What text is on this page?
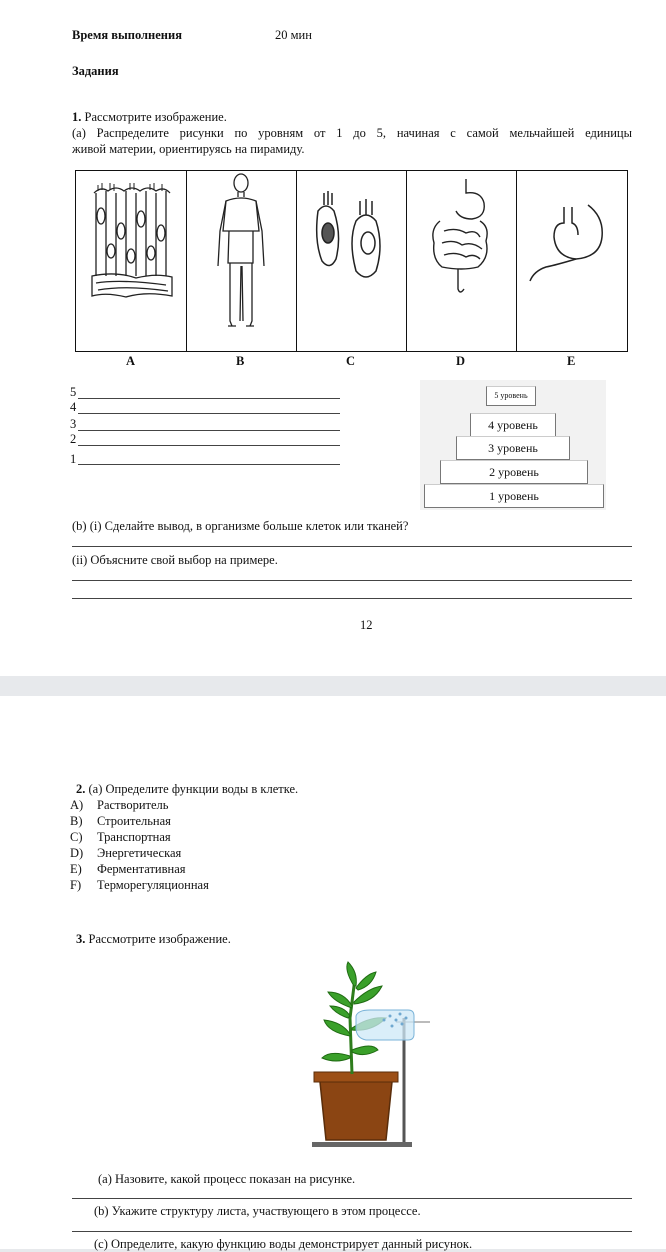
Время выполнения	20 мин
Задания
1. Рассмотрите изображение.
(a) Распределите рисунки по уровням от 1 до 5, начиная с самой мельчайшей единицы
живой материи, ориентируясь на пирамиду.
A	B	C	D	E
5
4
3
2
1
5 уровень
4 уровень
3 уровень
2 уровень
1 уровень
(b) (i) Сделайте вывод, в организме больше клеток или тканей?
(ii) Объясните свой выбор на примере.
12
2. (a) Определите функции воды в клетке.
A) Растворитель
B) Строительная
C) Транспортная
D) Энергетическая
E) Ферментативная
F) Терморегуляционная
3. Рассмотрите изображение.
(a) Назовите, какой процесс показан на рисунке.
(b) Укажите структуру листа, участвующего в этом процессе.
(c) Определите, какую функцию воды демонстрирует данный рисунок.
